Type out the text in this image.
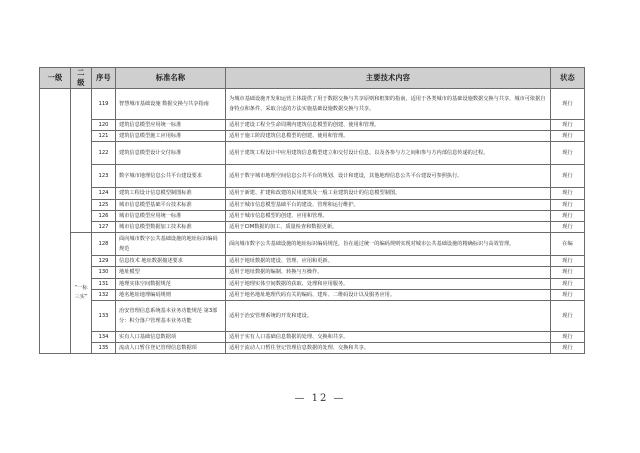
一级	二级	序号	标准名称	主要技术内容	状态
		119	智慧城市基础设施 数据交换与共享指南	为城市基础设施开发和运营主体提供了用于数据交换与共享原则和框架的指南，适用于各类城市的基础设施数据交换与共享，城市可依据自身特点和条件，采取合适的方法实施基础设施数据交换与共享。	现行
		120	建筑信息模型应用统一标准	适用于建设工程全生命周期内建筑信息模型的创建、使用和管理。	现行
		121	建筑信息模型施工应用标准	适用于施工阶段建筑信息模型的创建、使用和管理。	现行
		122	建筑信息模型设计交付标准	适用于建筑工程设计中应用建筑信息模型建立和交付设计信息，以及各参与方之间和参与方内部信息传递的过程。	现行
		123	数字城市地理信息公共平台建设要求	适用于数字城市地理空间信息公共平台的规划、设计和建设，其他地理信息公共平台建设可参照执行。	现行
		124	建筑工程设计信息模型制图标准	适用于新建、扩建和改建的民用建筑及一般工业建筑设计的信息模型制图。	现行
		125	城市信息模型基础平台技术标准	适用于城市信息模型基础平台的建设、管理和运行维护。	现行
		126	城市信息模型应用统一标准	适用于城市信息模型的创建、应用和管理。	现行
		127	城市信息模型数据加工技术标准	适用于CIM数据的加工、质量检查和数据更新。	现行
	“一标三实”	128	面向城市数字公共基础设施的地址标识编码规范	面向城市数字公共基础设施的地址标识编码规范，旨在通过统一的编码规则实现对城市公共基础设施的精确标识与高效管理。	在编
		129	信息技术 地址数据描述要求	适用于地址数据的建设、管理、应用和更新。	现行
		130	地址模型	适用于地址数据的编制、转换与互操作。	现行
		131	地理实体空间数据规范	适用于地理实体空间数据的获取、处理和应用服务。	现行
		132	地名地址地理编码规则	适用于地名地址地理代码有关的编码、建库、二维码设计以及服务应用。	现行
		133	治安管理信息系统基本业务功能规范 第3部分：积分落户管理基本业务功能	适用于治安管理系统的开发和建设。	现行
		134	实有人口基础信息数据项	适用于实有人口基础信息数据的处理、交换和共享。	现行
		135	流动人口暂住登记管理信息数据项	适用于流动人口暂住登记管理信息数据的处理、交换和共享。	现行
— 12 —
